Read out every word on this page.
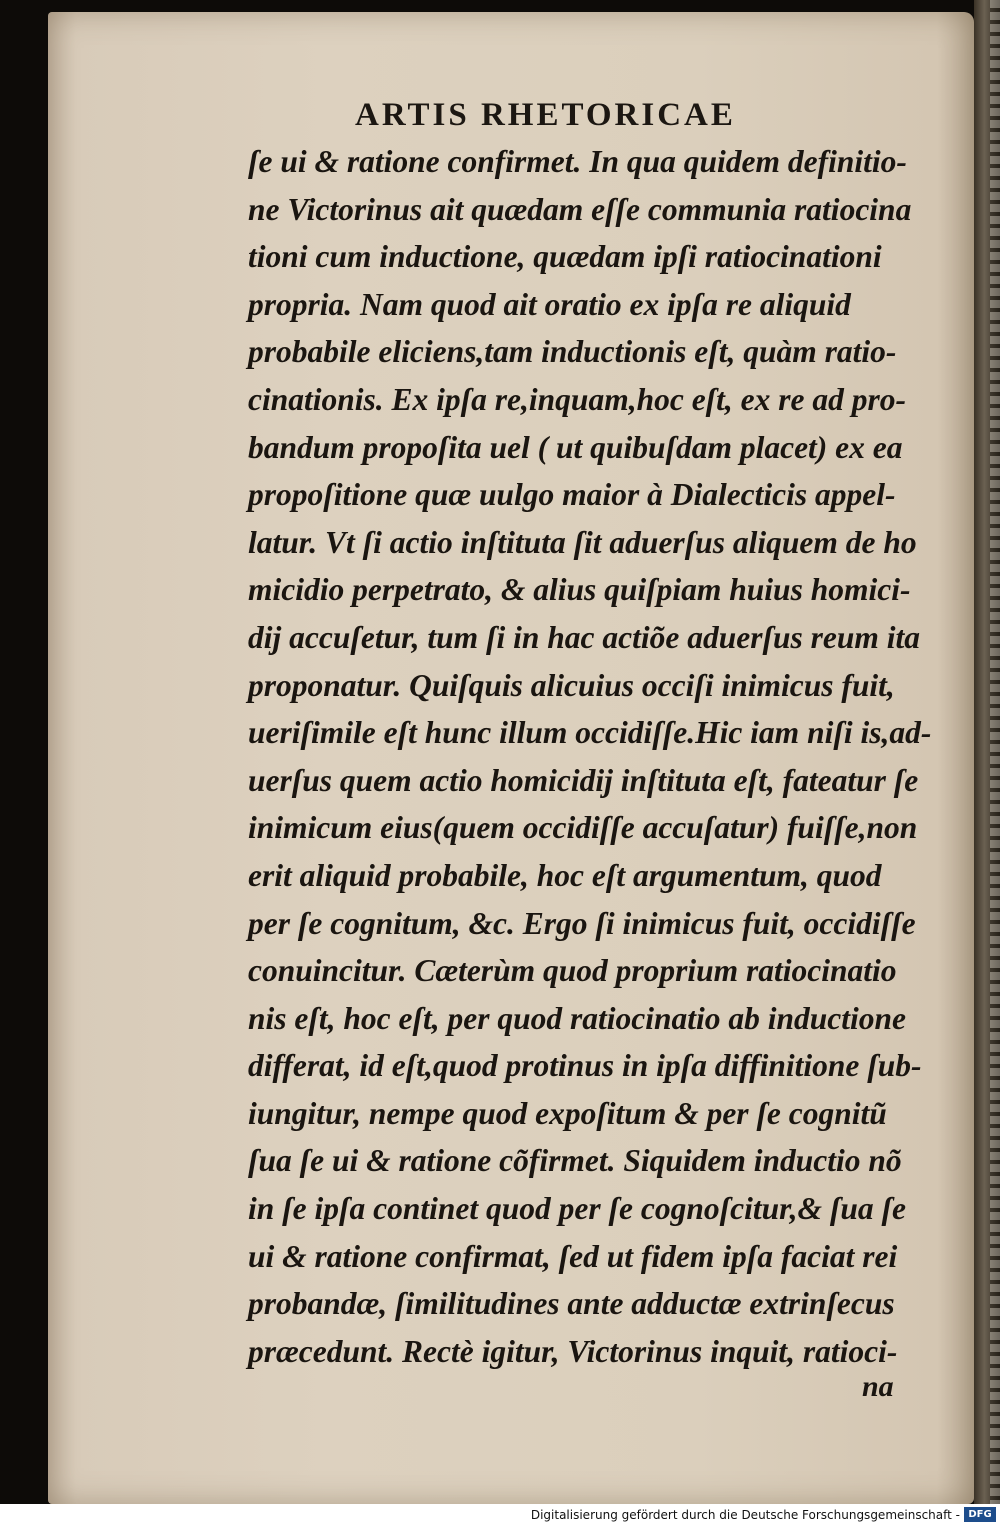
ARTIS RHETORICAE
ſe ui & ratione confirmet. In qua quidem definitio-
ne Victorinus ait quædam eſſe communia ratiocina
tioni cum inductione, quædam ipſi ratiocinationi
propria. Nam quod ait oratio ex ipſa re aliquid
probabile eliciens,tam inductionis eſt, quàm ratio-
cinationis. Ex ipſa re,inquam,hoc eſt, ex re ad pro-
bandum propoſita uel ( ut quibuſdam placet) ex ea
propoſitione quæ uulgo maior à Dialecticis appel-
latur. Vt ſi actio inſtituta ſit aduerſus aliquem de ho
micidio perpetrato, & alius quiſpiam huius homici-
dij accuſetur, tum ſi in hac actiõe aduerſus reum ita
proponatur. Quiſquis alicuius occiſi inimicus fuit,
ueriſimile eſt hunc illum occidiſſe.Hic iam niſi is,ad-
uerſus quem actio homicidij inſtituta eſt, fateatur ſe
inimicum eius(quem occidiſſe accuſatur) fuiſſe,non
erit aliquid probabile, hoc eſt argumentum, quod
per ſe cognitum, &c. Ergo ſi inimicus fuit, occidiſſe
conuincitur. Cæterùm quod proprium ratiocinatio
nis eſt, hoc eſt, per quod ratiocinatio ab inductione
differat, id eſt,quod protinus in ipſa diffinitione ſub-
iungitur, nempe quod expoſitum & per ſe cognitũ
ſua ſe ui & ratione cõfirmet. Siquidem inductio nõ
in ſe ipſa continet quod per ſe cognoſcitur,& ſua ſe
ui & ratione confirmat, ſed ut fidem ipſa faciat rei
probandæ, ſimilitudines ante adductæ extrinſecus
præcedunt. Rectè igitur, Victorinus inquit, ratioci-
na
Digitalisierung gefördert durch die Deutsche Forschungsgemeinschaft - DFG
